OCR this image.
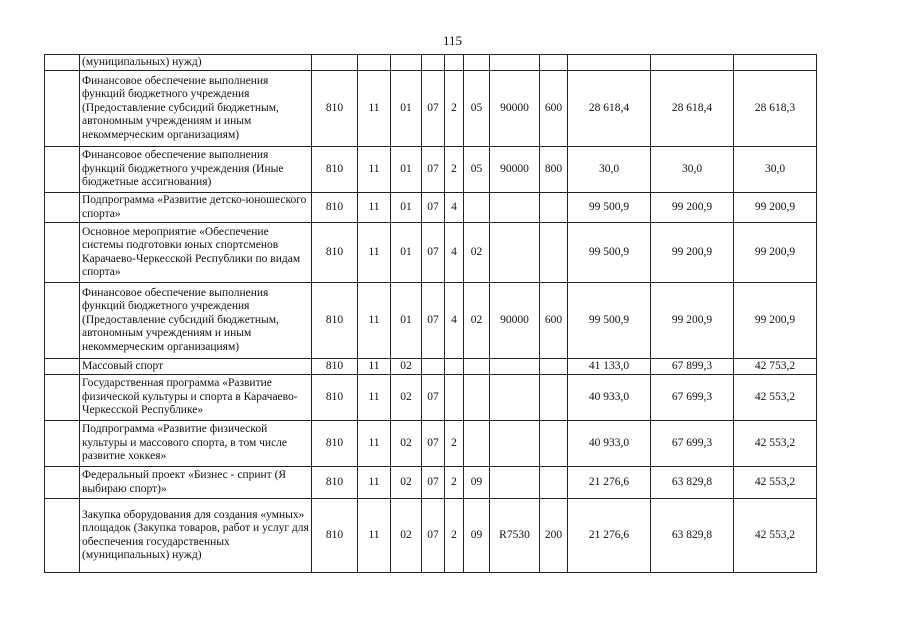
115
	(муниципальных) нужд)											
	Финансовое обеспечение выполнения функций бюджетного учреждения (Предоставление субсидий бюджетным, автономным учреждениям и иным некоммерческим организациям)	810	11	01	07	2	05	90000	600	28 618,4	28 618,4	28 618,3
	Финансовое обеспечение выполнения функций бюджетного учреждения (Иные бюджетные ассигнования)	810	11	01	07	2	05	90000	800	30,0	30,0	30,0
	Подпрограмма «Развитие детско-юношеского спорта»	810	11	01	07	4				99 500,9	99 200,9	99 200,9
	Основное мероприятие «Обеспечение системы подготовки юных спортсменов Карачаево-Черкесской Республики по видам спорта»	810	11	01	07	4	02			99 500,9	99 200,9	99 200,9
	Финансовое обеспечение выполнения функций бюджетного учреждения (Предоставление субсидий бюджетным, автономным учреждениям и иным некоммерческим организациям)	810	11	01	07	4	02	90000	600	99 500,9	99 200,9	99 200,9
	Массовый спорт	810	11	02						41 133,0	67 899,3	42 753,2
	Государственная программа «Развитие физической культуры и спорта в Карачаево-Черкесской Республике»	810	11	02	07					40 933,0	67 699,3	42 553,2
	Подпрограмма «Развитие физической культуры и массового спорта, в том числе развитие хоккея»	810	11	02	07	2				40 933,0	67 699,3	42 553,2
	Федеральный проект «Бизнес - спринт (Я выбираю спорт)»	810	11	02	07	2	09			21 276,6	63 829,8	42 553,2
	Закупка оборудования для создания «умных» площадок (Закупка товаров, работ и услуг для обеспечения государственных (муниципальных) нужд)	810	11	02	07	2	09	R7530	200	21 276,6	63 829,8	42 553,2
